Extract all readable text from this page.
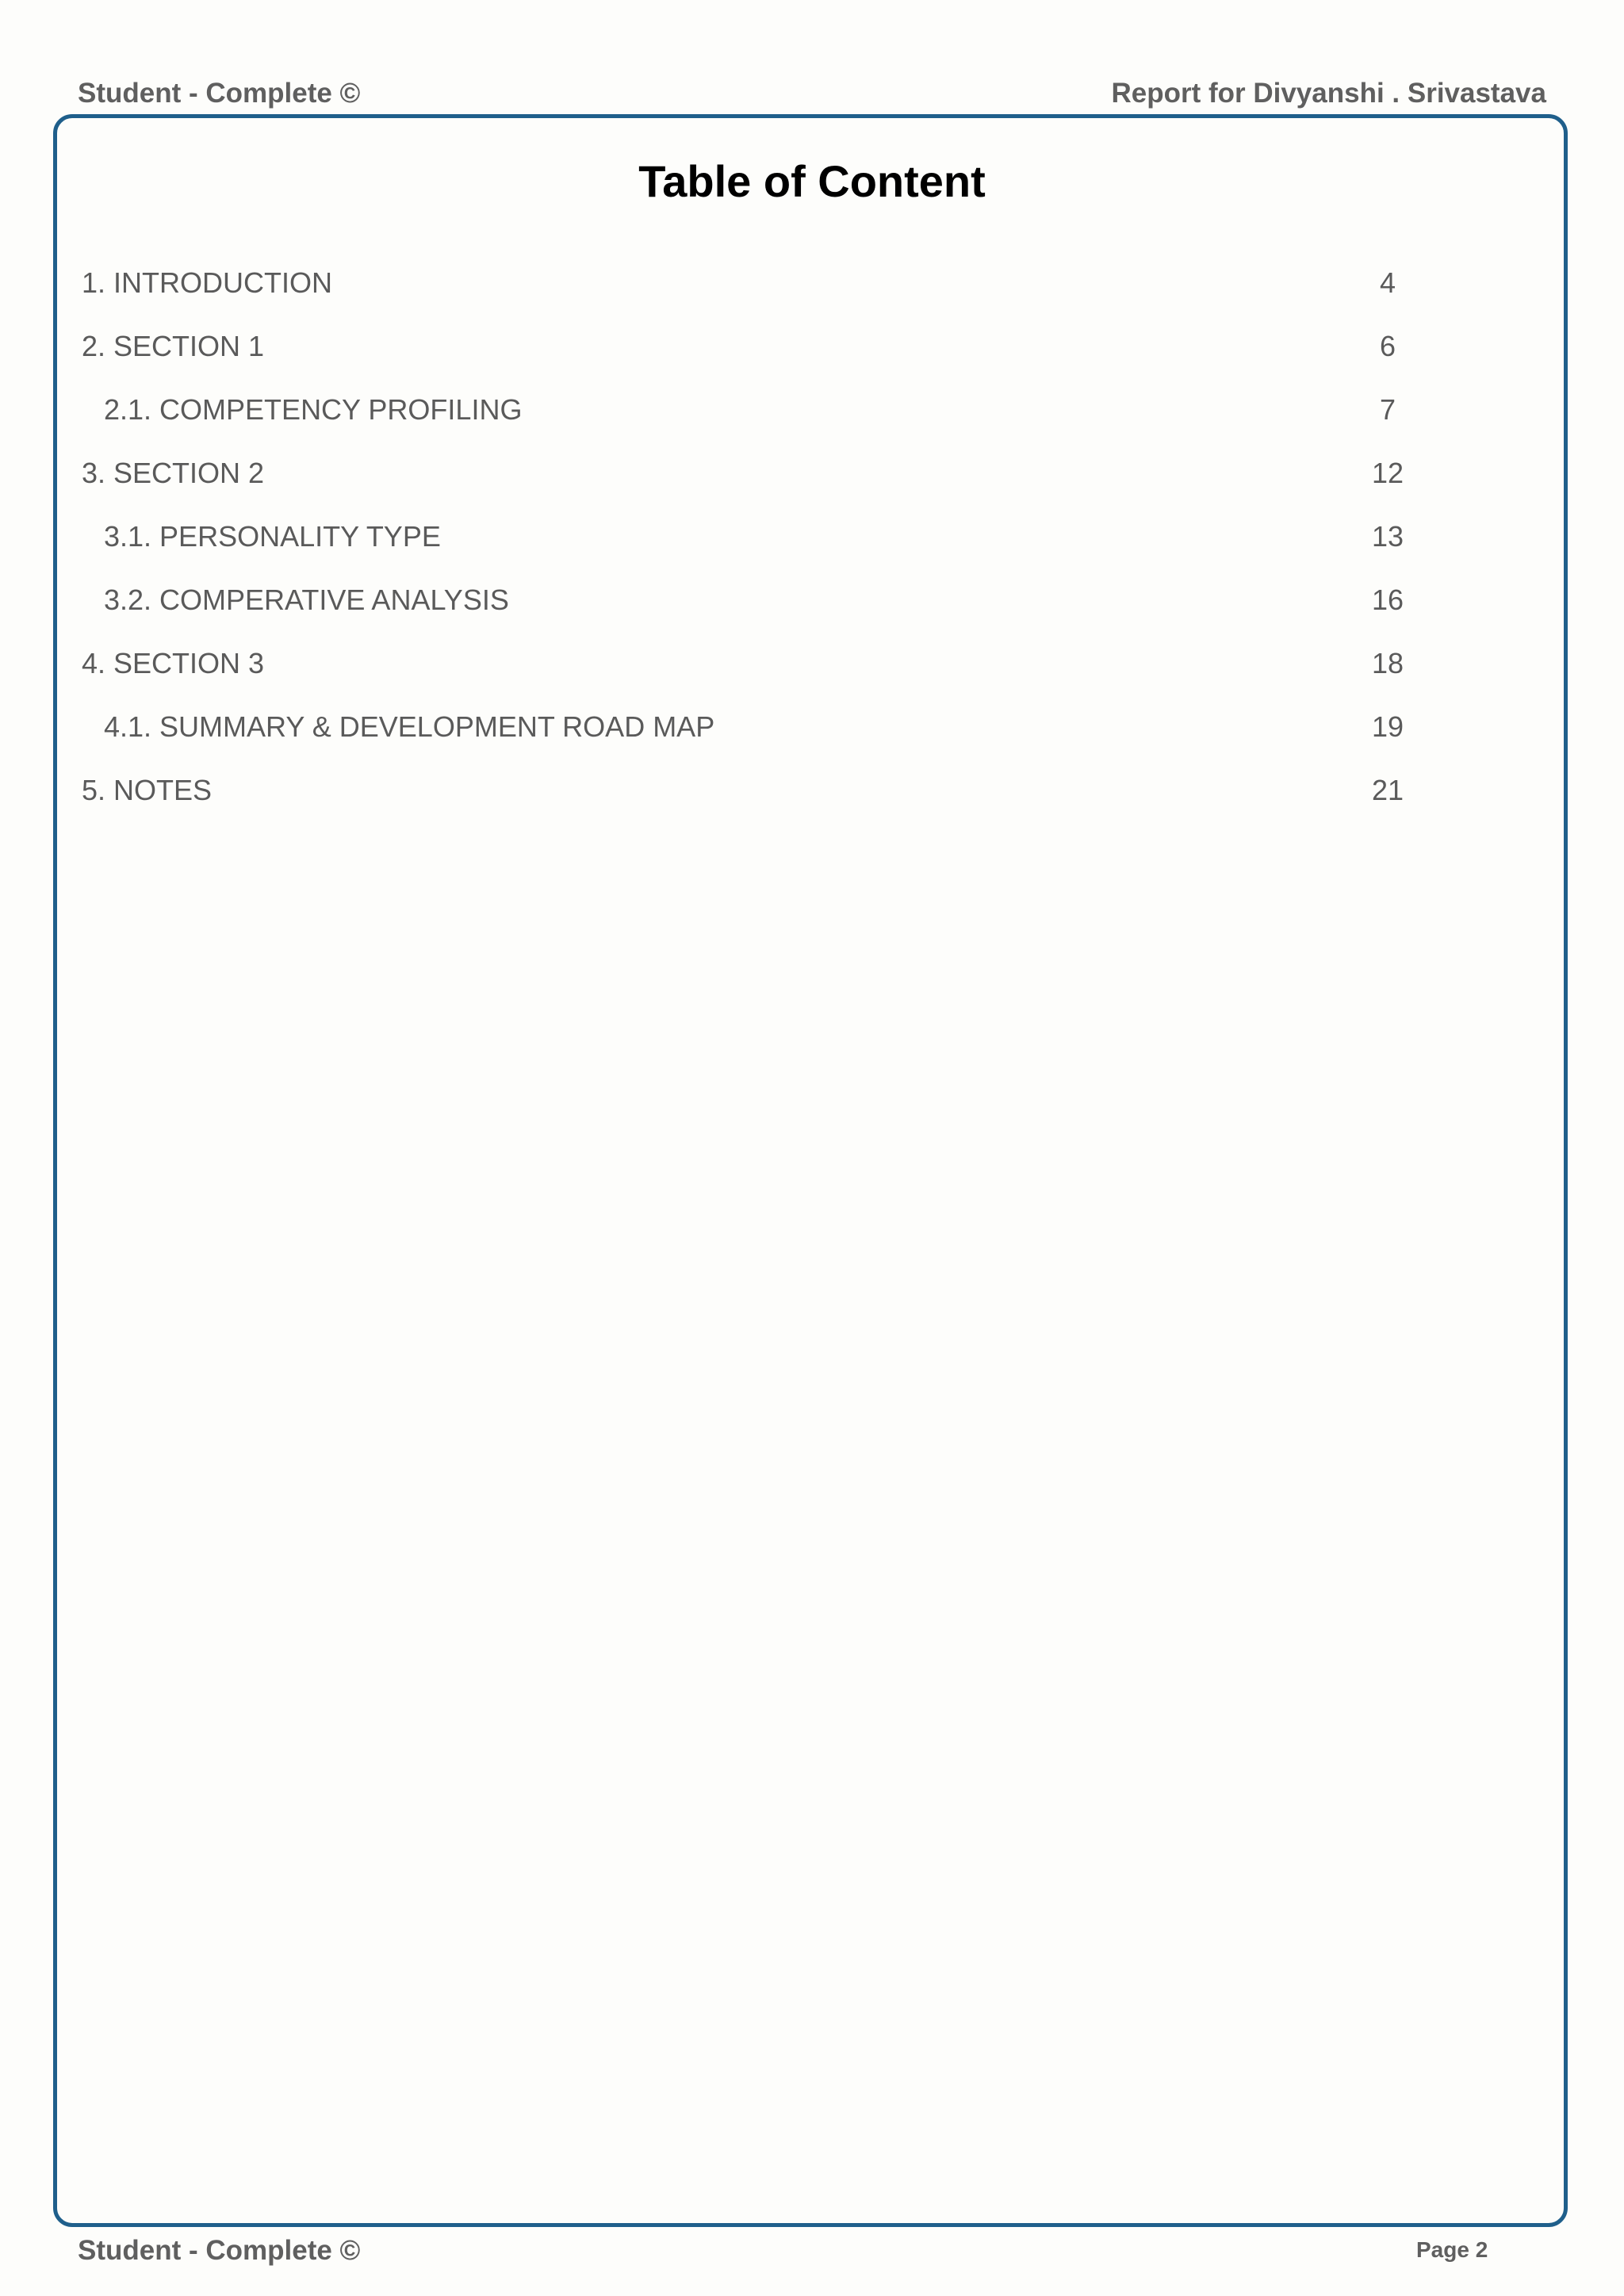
Student - Complete ©	Report for Divyanshi . Srivastava
Table of Content
1. INTRODUCTION	4
2. SECTION 1	6
2.1. COMPETENCY PROFILING	7
3. SECTION 2	12
3.1. PERSONALITY TYPE	13
3.2. COMPERATIVE ANALYSIS	16
4. SECTION 3	18
4.1. SUMMARY & DEVELOPMENT ROAD MAP	19
5. NOTES	21
Student - Complete ©	Page 2
